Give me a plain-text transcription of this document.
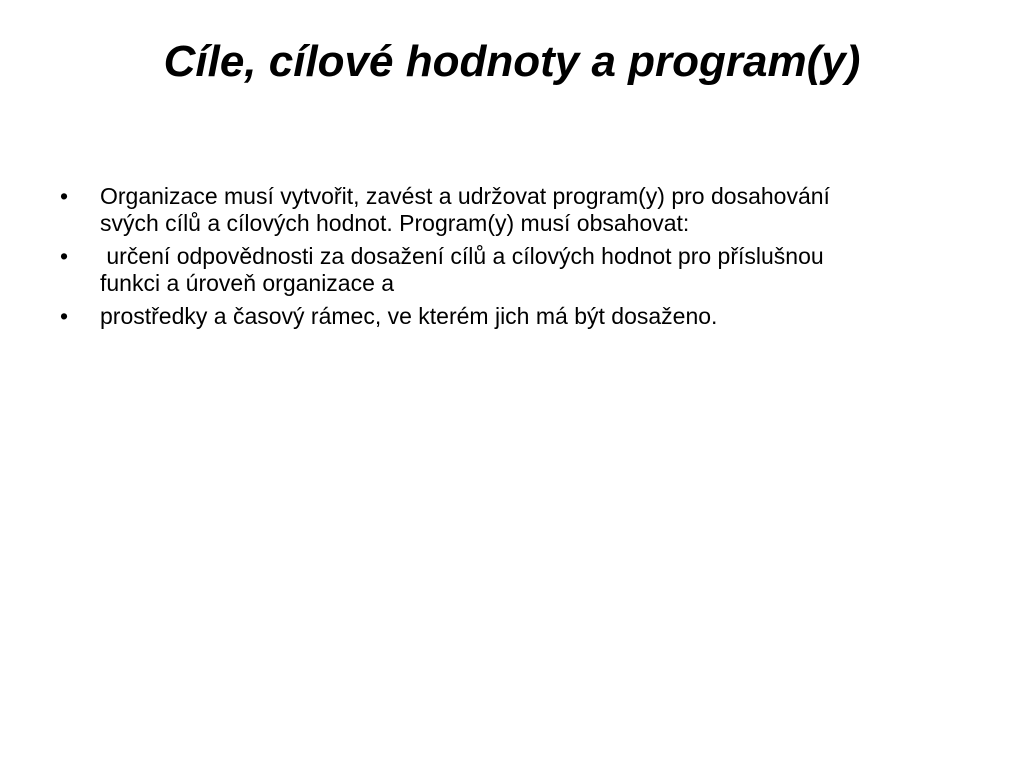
Cíle, cílové hodnoty a program(y)
•	Organizace musí vytvořit, zavést a udržovat program(y) pro dosahování svých cílů a cílových hodnot. Program(y) musí obsahovat:
•	určení odpovědnosti za dosažení cílů a cílových hodnot pro příslušnou funkci a úroveň organizace a
•	prostředky a časový rámec, ve kterém jich má být dosaženo.
